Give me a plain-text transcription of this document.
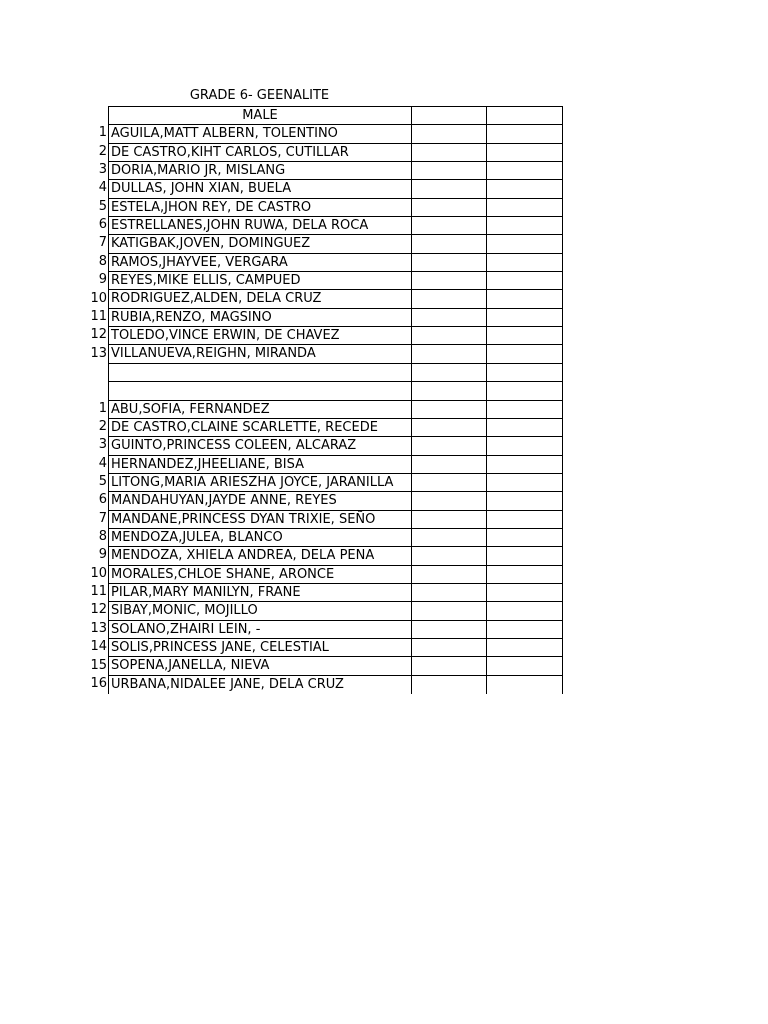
GRADE 6- GEENALITE
MALE
AGUILA,MATT ALBERN, TOLENTINO
DE CASTRO,KIHT CARLOS, CUTILLAR
DORIA,MARIO JR, MISLANG
DULLAS, JOHN XIAN, BUELA
ESTELA,JHON REY, DE CASTRO
ESTRELLANES,JOHN RUWA, DELA ROCA
KATIGBAK,JOVEN, DOMINGUEZ
RAMOS,JHAYVEE, VERGARA
REYES,MIKE ELLIS, CAMPUED
RODRIGUEZ,ALDEN, DELA CRUZ
RUBIA,RENZO, MAGSINO
TOLEDO,VINCE ERWIN, DE CHAVEZ
VILLANUEVA,REIGHN, MIRANDA
ABU,SOFIA, FERNANDEZ
DE CASTRO,CLAINE SCARLETTE, RECEDE
GUINTO,PRINCESS COLEEN, ALCARAZ
HERNANDEZ,JHEELIANE, BISA
LITONG,MARIA ARIESZHA JOYCE, JARANILLA
MANDAHUYAN,JAYDE ANNE, REYES
MANDANE,PRINCESS DYAN TRIXIE, SEÑO
MENDOZA,JULEA, BLANCO
MENDOZA, XHIELA ANDREA, DELA PENA
MORALES,CHLOE SHANE, ARONCE
PILAR,MARY MANILYN, FRANE
SIBAY,MONIC, MOJILLO
SOLANO,ZHAIRI LEIN, -
SOLIS,PRINCESS JANE, CELESTIAL
SOPENA,JANELLA, NIEVA
URBANA,NIDALEE JANE, DELA CRUZ
1
2
3
4
5
6
7
8
9
10
11
12
13
1
2
3
4
5
6
7
8
9
10
11
12
13
14
15
16
